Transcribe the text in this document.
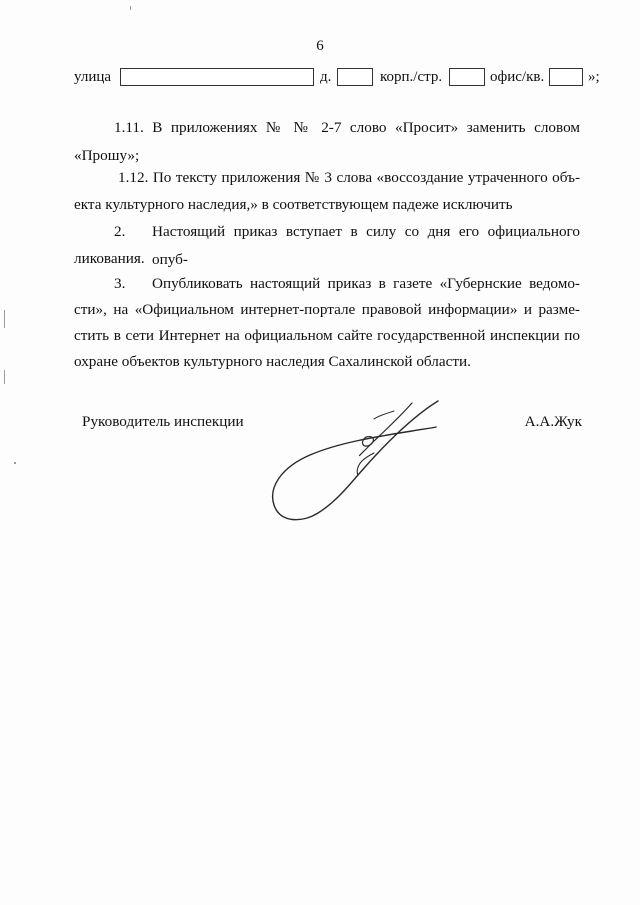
6
улица	д.	корп./стр.	офис/кв.	»;
1.11. В приложениях № № 2-7 слово «Просит» заменить словом
«Прошу»;
1.12. По тексту приложения № 3 слова «воссоздание утраченного объ-
екта культурного наследия,» в соответствующем падеже исключить
2. Настоящий приказ вступает в силу со дня его официального опуб-
ликования.
3. Опубликовать настоящий приказ в газете «Губернские ведомо-
сти», на «Официальном интернет-портале правовой информации» и разме-
стить в сети Интернет на официальном сайте государственной инспекции по
охране объектов культурного наследия Сахалинской области.
Руководитель инспекции	А.А.Жук
